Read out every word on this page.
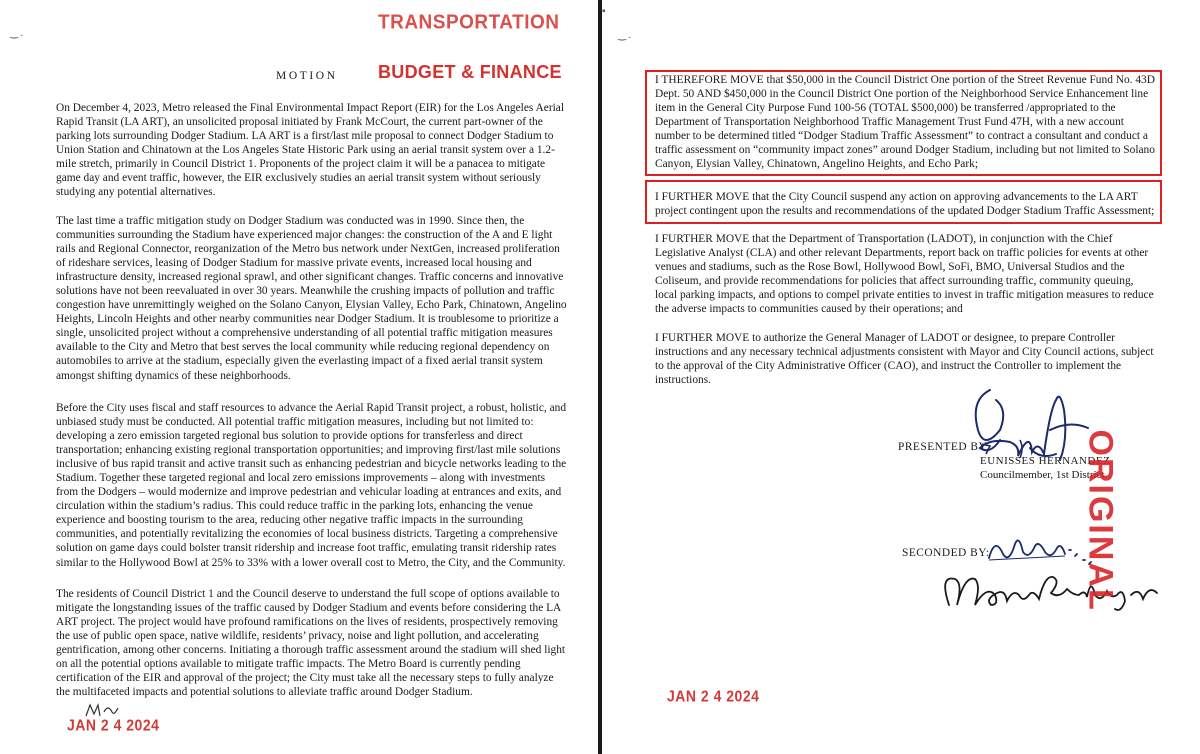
‿ .	TRANSPORTATION
MOTION BUDGET & FINANCE

On December 4, 2023, Metro released the Final Environmental Impact Report (EIR) for the Los Angeles Aerial Rapid Transit (LA ART), an unsolicited proposal initiated by Frank McCourt, the current part-owner of the parking lots surrounding Dodger Stadium. LA ART is a first/last mile proposal to connect Dodger Stadium to Union Station and Chinatown at the Los Angeles State Historic Park using an aerial transit system over a 1.2-mile stretch, primarily in Council District 1. Proponents of the project claim it will be a panacea to mitigate game day and event traffic, however, the EIR exclusively studies an aerial transit system without seriously studying any potential alternatives.

The last time a traffic mitigation study on Dodger Stadium was conducted was in 1990. Since then, the communities surrounding the Stadium have experienced major changes: the construction of the A and E light rails and Regional Connector, reorganization of the Metro bus network under NextGen, increased proliferation of rideshare services, leasing of Dodger Stadium for massive private events, increased local housing and infrastructure density, increased regional sprawl, and other significant changes. Traffic concerns and innovative solutions have not been reevaluated in over 30 years. Meanwhile the crushing impacts of pollution and traffic congestion have unremittingly weighed on the Solano Canyon, Elysian Valley, Echo Park, Chinatown, Angelino Heights, Lincoln Heights and other nearby communities near Dodger Stadium. It is troublesome to prioritize a single, unsolicited project without a comprehensive understanding of all potential traffic mitigation measures available to the City and Metro that best serves the local community while reducing regional dependency on automobiles to arrive at the stadium, especially given the everlasting impact of a fixed aerial transit system amongst shifting dynamics of these neighborhoods.

Before the City uses fiscal and staff resources to advance the Aerial Rapid Transit project, a robust, holistic, and unbiased study must be conducted. All potential traffic mitigation measures, including but not limited to: developing a zero emission targeted regional bus solution to provide options for transferless and direct transportation; enhancing existing regional transportation opportunities; and improving first/last mile solutions inclusive of bus rapid transit and active transit such as enhancing pedestrian and bicycle networks leading to the Stadium. Together these targeted regional and local zero emissions improvements – along with investments from the Dodgers – would modernize and improve pedestrian and vehicular loading at entrances and exits, and circulation within the stadium’s radius. This could reduce traffic in the parking lots, enhancing the venue experience and boosting tourism to the area, reducing other negative traffic impacts in the surrounding communities, and potentially revitalizing the economies of local business districts. Targeting a comprehensive solution on game days could bolster transit ridership and increase foot traffic, emulating transit ridership rates similar to the Hollywood Bowl at 25% to 33% with a lower overall cost to Metro, the City, and the Community.

The residents of Council District 1 and the Council deserve to understand the full scope of options available to mitigate the longstanding issues of the traffic caused by Dodger Stadium and events before considering the LA ART project. The project would have profound ramifications on the lives of residents, prospectively removing the use of public open space, native wildlife, residents’ privacy, noise and light pollution, and accelerating gentrification, among other concerns. Initiating a thorough traffic assessment around the stadium will shed light on all the potential options available to mitigate traffic impacts. The Metro Board is currently pending certification of the EIR and approval of the project; the City must take all the necessary steps to fully analyze the multifaceted impacts and potential solutions to alleviate traffic around Dodger Stadium.

JAN 2 4 2024
‿ .
▪

I THEREFORE MOVE that $50,000 in the Council District One portion of the Street Revenue Fund No. 43D Dept. 50 AND $450,000 in the Council District One portion of the Neighborhood Service Enhancement line item in the General City Purpose Fund 100-56 (TOTAL $500,000) be transferred /appropriated to the Department of Transportation Neighborhood Traffic Management Trust Fund 47H, with a new account number to be determined titled “Dodger Stadium Traffic Assessment” to contract a consultant and conduct a traffic assessment on “community impact zones” around Dodger Stadium, including but not limited to Solano Canyon, Elysian Valley, Chinatown, Angelino Heights, and Echo Park;

I FURTHER MOVE that the City Council suspend any action on approving advancements to the LA ART project contingent upon the results and recommendations of the updated Dodger Stadium Traffic Assessment;

I FURTHER MOVE that the Department of Transportation (LADOT), in conjunction with the Chief Legislative Analyst (CLA) and other relevant Departments, report back on traffic policies for events at other venues and stadiums, such as the Rose Bowl, Hollywood Bowl, SoFi, BMO, Universal Studios and the Coliseum, and provide recommendations for policies that affect surrounding traffic, community queuing, local parking impacts, and options to compel private entities to invest in traffic mitigation measures to reduce the adverse impacts to communities caused by their operations; and

I FURTHER MOVE to authorize the General Manager of LADOT or designee, to prepare Controller instructions and any necessary technical adjustments consistent with Mayor and City Council actions, subject to the approval of the City Administrative Officer (CAO), and instruct the Controller to implement the instructions.

PRESENTED BY:
EUNISSES HERNANDEZ
Councilmember, 1st District
SECONDED BY:
JAN 2 4 2024
ORIGINAL
